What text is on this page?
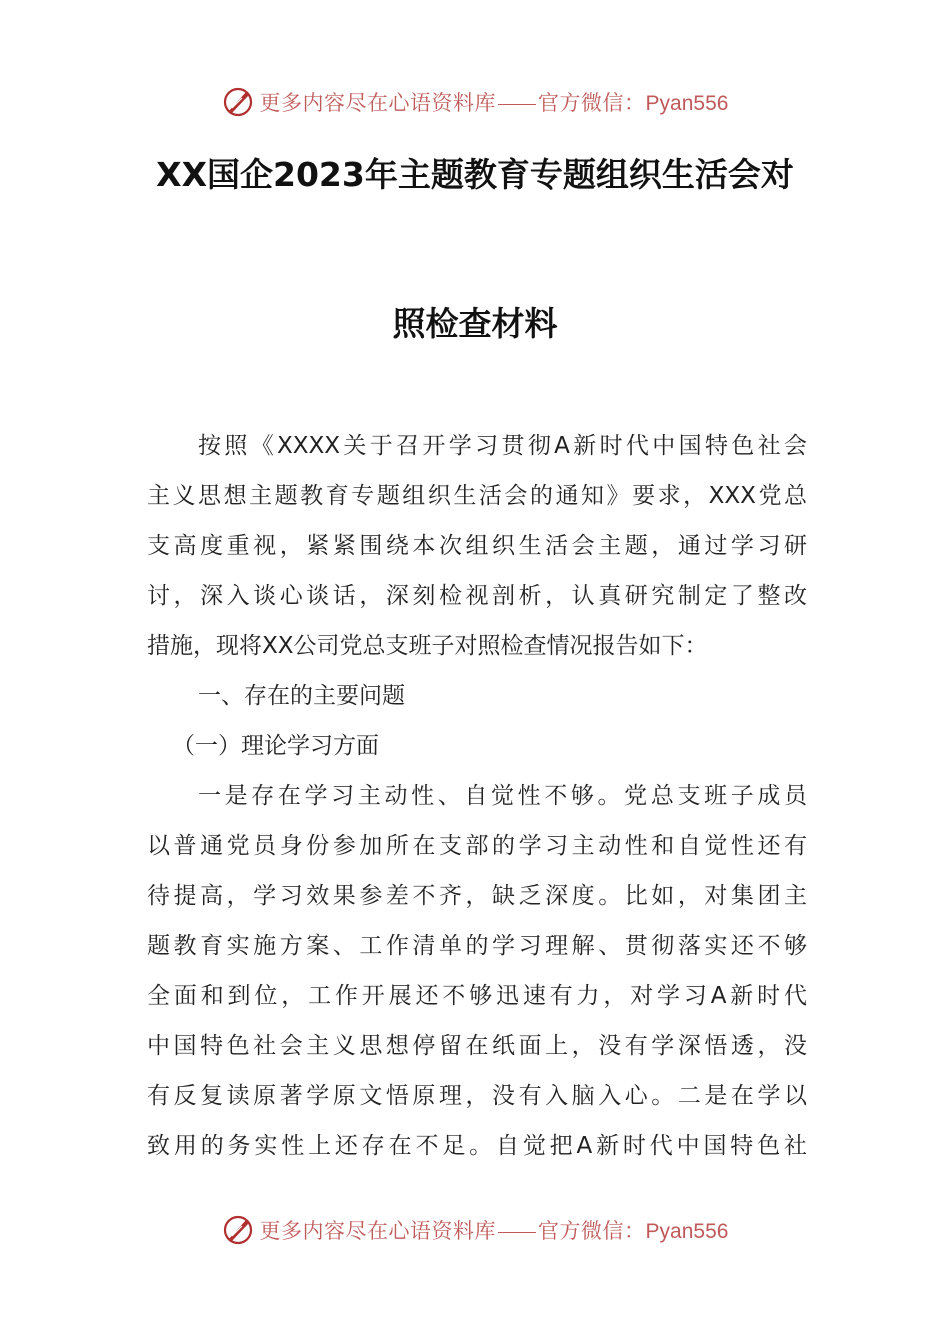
更多内容尽在心语资料库 官方微信：Pyan556
XX国企2023年主题教育专题组织生活会对
照检查材料
按照《XXXX关于召开学习贯彻A新时代中国特色社会
主义思想主题教育专题组织生活会的通知》要求，XXX党总
支高度重视，紧紧围绕本次组织生活会主题，通过学习研
讨，深入谈心谈话，深刻检视剖析，认真研究制定了整改
措施，现将XX公司党总支班子对照检查情况报告如下：
一、存在的主要问题
（一）理论学习方面
一是存在学习主动性、自觉性不够。党总支班子成员
以普通党员身份参加所在支部的学习主动性和自觉性还有
待提高，学习效果参差不齐，缺乏深度。比如，对集团主
题教育实施方案、工作清单的学习理解、贯彻落实还不够
全面和到位，工作开展还不够迅速有力，对学习A新时代
中国特色社会主义思想停留在纸面上，没有学深悟透，没
有反复读原著学原文悟原理，没有入脑入心。二是在学以
致用的务实性上还存在不足。自觉把A新时代中国特色社
更多内容尽在心语资料库 官方微信：Pyan556
